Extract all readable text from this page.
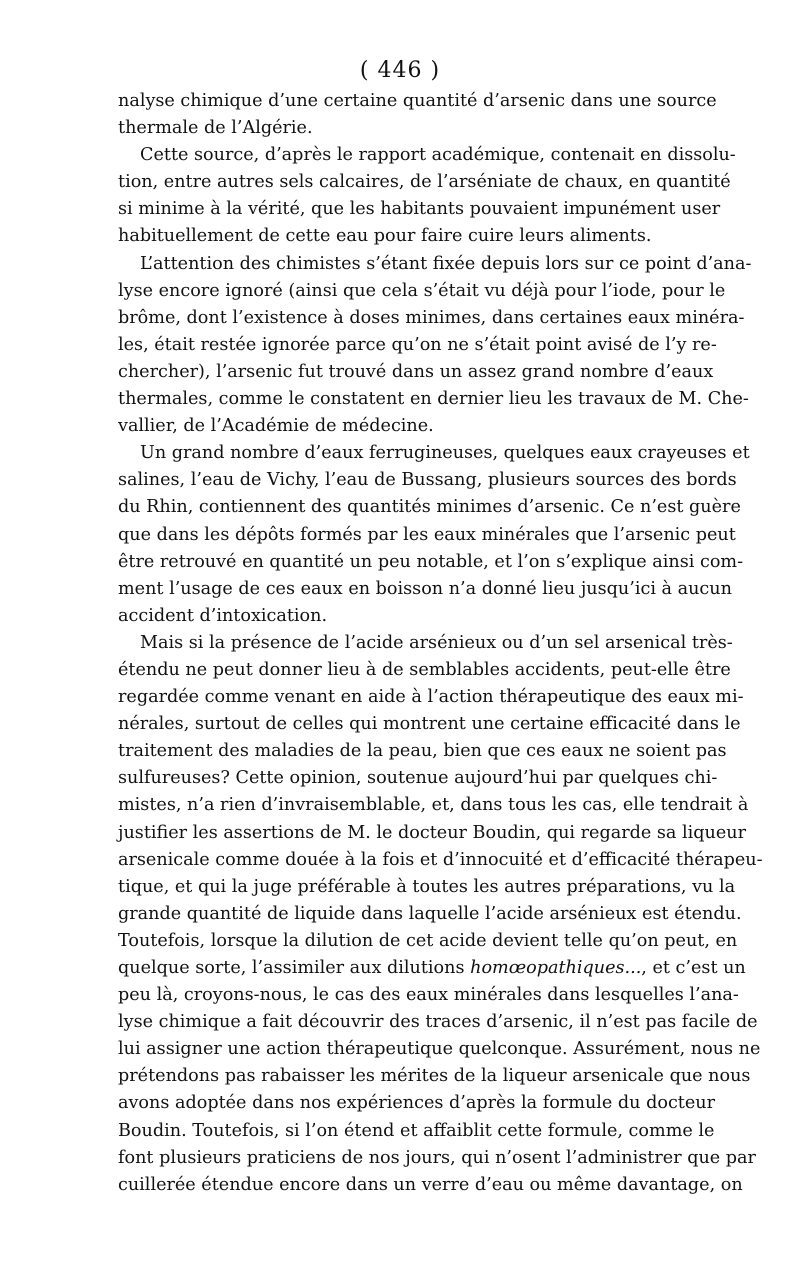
( 446 )
nalyse chimique d’une certaine quantité d’arsenic dans une source
thermale de l’Algérie.
Cette source, d’après le rapport académique, contenait en dissolu-
tion, entre autres sels calcaires, de l’arséniate de chaux, en quantité
si minime à la vérité, que les habitants pouvaient impunément user
habituellement de cette eau pour faire cuire leurs aliments.
L’attention des chimistes s’étant fixée depuis lors sur ce point d’ana-
lyse encore ignoré (ainsi que cela s’était vu déjà pour l’iode, pour le
brôme, dont l’existence à doses minimes, dans certaines eaux minéra-
les, était restée ignorée parce qu’on ne s’était point avisé de l’y re-
chercher), l’arsenic fut trouvé dans un assez grand nombre d’eaux
thermales, comme le constatent en dernier lieu les travaux de M. Che-
vallier, de l’Académie de médecine.
Un grand nombre d’eaux ferrugineuses, quelques eaux crayeuses et
salines, l’eau de Vichy, l’eau de Bussang, plusieurs sources des bords
du Rhin, contiennent des quantités minimes d’arsenic. Ce n’est guère
que dans les dépôts formés par les eaux minérales que l’arsenic peut
être retrouvé en quantité un peu notable, et l’on s’explique ainsi com-
ment l’usage de ces eaux en boisson n’a donné lieu jusqu’ici à aucun
accident d’intoxication.
Mais si la présence de l’acide arsénieux ou d’un sel arsenical très-
étendu ne peut donner lieu à de semblables accidents, peut-elle être
regardée comme venant en aide à l’action thérapeutique des eaux mi-
nérales, surtout de celles qui montrent une certaine efficacité dans le
traitement des maladies de la peau, bien que ces eaux ne soient pas
sulfureuses? Cette opinion, soutenue aujourd’hui par quelques chi-
mistes, n’a rien d’invraisemblable, et, dans tous les cas, elle tendrait à
justifier les assertions de M. le docteur Boudin, qui regarde sa liqueur
arsenicale comme douée à la fois et d’innocuité et d’efficacité thérapeu-
tique, et qui la juge préférable à toutes les autres préparations, vu la
grande quantité de liquide dans laquelle l’acide arsénieux est étendu.
Toutefois, lorsque la dilution de cet acide devient telle qu’on peut, en
quelque sorte, l’assimiler aux dilutions homœopathiques..., et c’est un
peu là, croyons-nous, le cas des eaux minérales dans lesquelles l’ana-
lyse chimique a fait découvrir des traces d’arsenic, il n’est pas facile de
lui assigner une action thérapeutique quelconque. Assurément, nous ne
prétendons pas rabaisser les mérites de la liqueur arsenicale que nous
avons adoptée dans nos expériences d’après la formule du docteur
Boudin. Toutefois, si l’on étend et affaiblit cette formule, comme le
font plusieurs praticiens de nos jours, qui n’osent l’administrer que par
cuillerée étendue encore dans un verre d’eau ou même davantage, on
